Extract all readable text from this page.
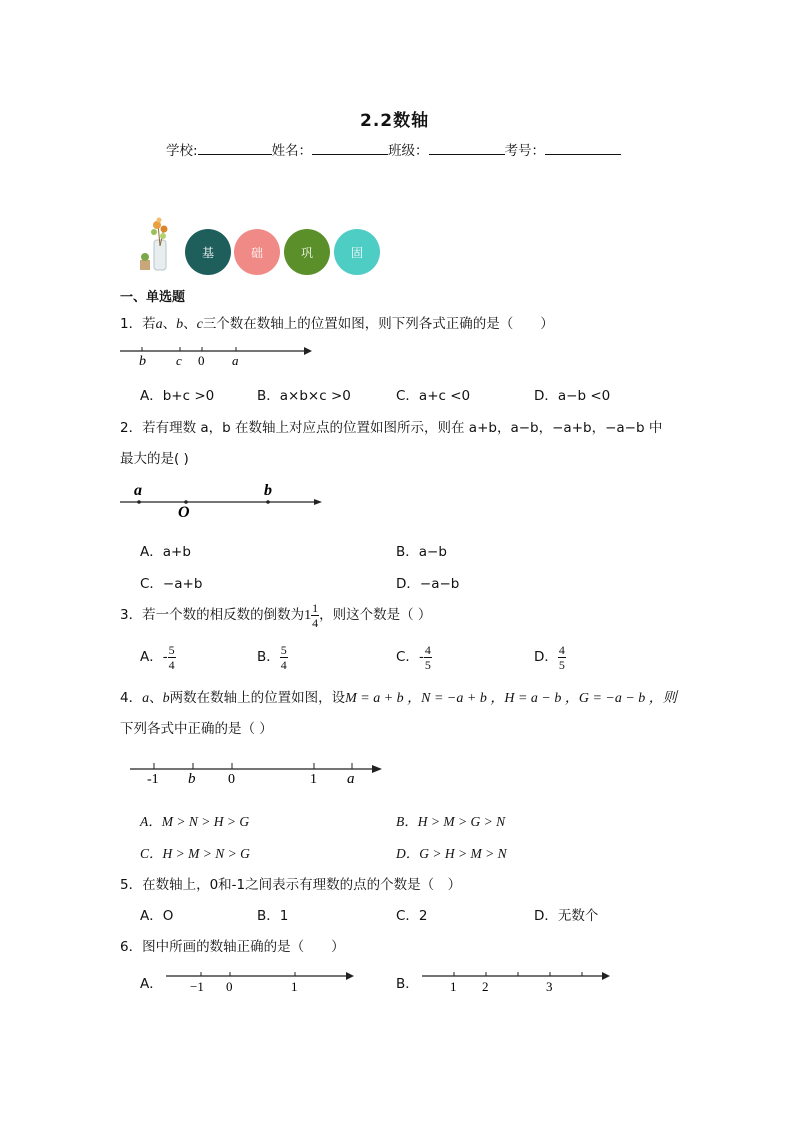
2.2数轴
学校:	姓名：	班级：	考号：
基	础	巩	固
一、单选题
1．若a、b、c三个数在数轴上的位置如图，则下列各式正确的是（　　）
b c 0 a
A．b+c >0	B．a×b×c >0	C．a+c <0	D．a−b <0
2．若有理数 a，b 在数轴上对应点的位置如图所示，则在 a+b，a−b，−a+b，−a−b 中
最大的是( )
a
O
b
A．a+b	B．a−b
C．−a+b	D．−a−b
3．若一个数的相反数的倒数为$1 \frac{1}{4}$ ，则这个数是（ ）
A．- $\frac{5}{4}$	B． $\frac{5}{4}$	C．- $\frac{4}{5}$	D． $\frac{4}{5}$
4．a、b两数在数轴上的位置如图，设M = a + b ，N = −a + b ，H = a − b ，G = −a − b ，则
下列各式中正确的是（ ）
-1 b 0	1 a
A．M > N > H > G	B．H > M > G > N
C．H > M > N > G	D．G > H > M > N
5．在数轴上，0和-1之间表示有理数的点的个数是（　）
A．O	B．1	C．2	D．无数个
6．图中所画的数轴正确的是（　　）
A． −1 0	1	B． 1 2	3
